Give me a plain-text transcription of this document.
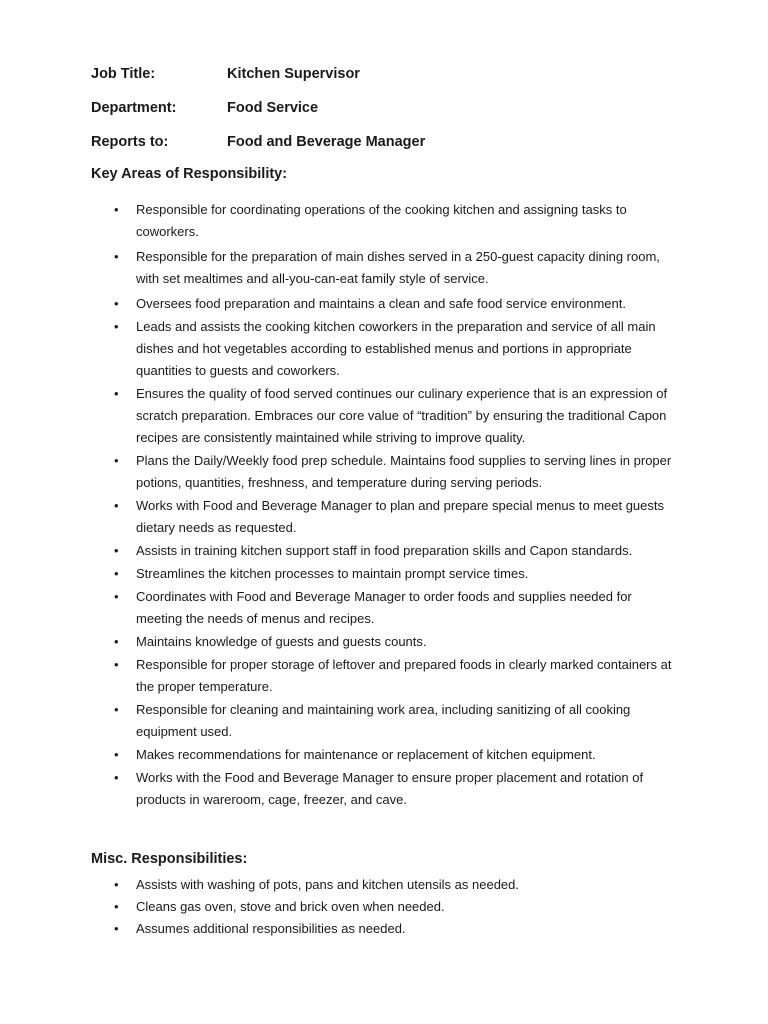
Job Title:	Kitchen Supervisor
Department:	Food Service
Reports to:	Food and Beverage Manager
Key Areas of Responsibility:
• Responsible for coordinating operations of the cooking kitchen and assigning tasks to coworkers.
• Responsible for the preparation of main dishes served in a 250-guest capacity dining room, with set mealtimes and all-you-can-eat family style of service.
• Oversees food preparation and maintains a clean and safe food service environment.
• Leads and assists the cooking kitchen coworkers in the preparation and service of all main dishes and hot vegetables according to established menus and portions in appropriate quantities to guests and coworkers.
• Ensures the quality of food served continues our culinary experience that is an expression of scratch preparation. Embraces our core value of “tradition” by ensuring the traditional Capon recipes are consistently maintained while striving to improve quality.
• Plans the Daily/Weekly food prep schedule. Maintains food supplies to serving lines in proper potions, quantities, freshness, and temperature during serving periods.
• Works with Food and Beverage Manager to plan and prepare special menus to meet guests dietary needs as requested.
• Assists in training kitchen support staff in food preparation skills and Capon standards.
• Streamlines the kitchen processes to maintain prompt service times.
• Coordinates with Food and Beverage Manager to order foods and supplies needed for meeting the needs of menus and recipes.
• Maintains knowledge of guests and guests counts.
• Responsible for proper storage of leftover and prepared foods in clearly marked containers at the proper temperature.
• Responsible for cleaning and maintaining work area, including sanitizing of all cooking equipment used.
• Makes recommendations for maintenance or replacement of kitchen equipment.
• Works with the Food and Beverage Manager to ensure proper placement and rotation of products in wareroom, cage, freezer, and cave.
Misc. Responsibilities:
• Assists with washing of pots, pans and kitchen utensils as needed.
• Cleans gas oven, stove and brick oven when needed.
• Assumes additional responsibilities as needed.
